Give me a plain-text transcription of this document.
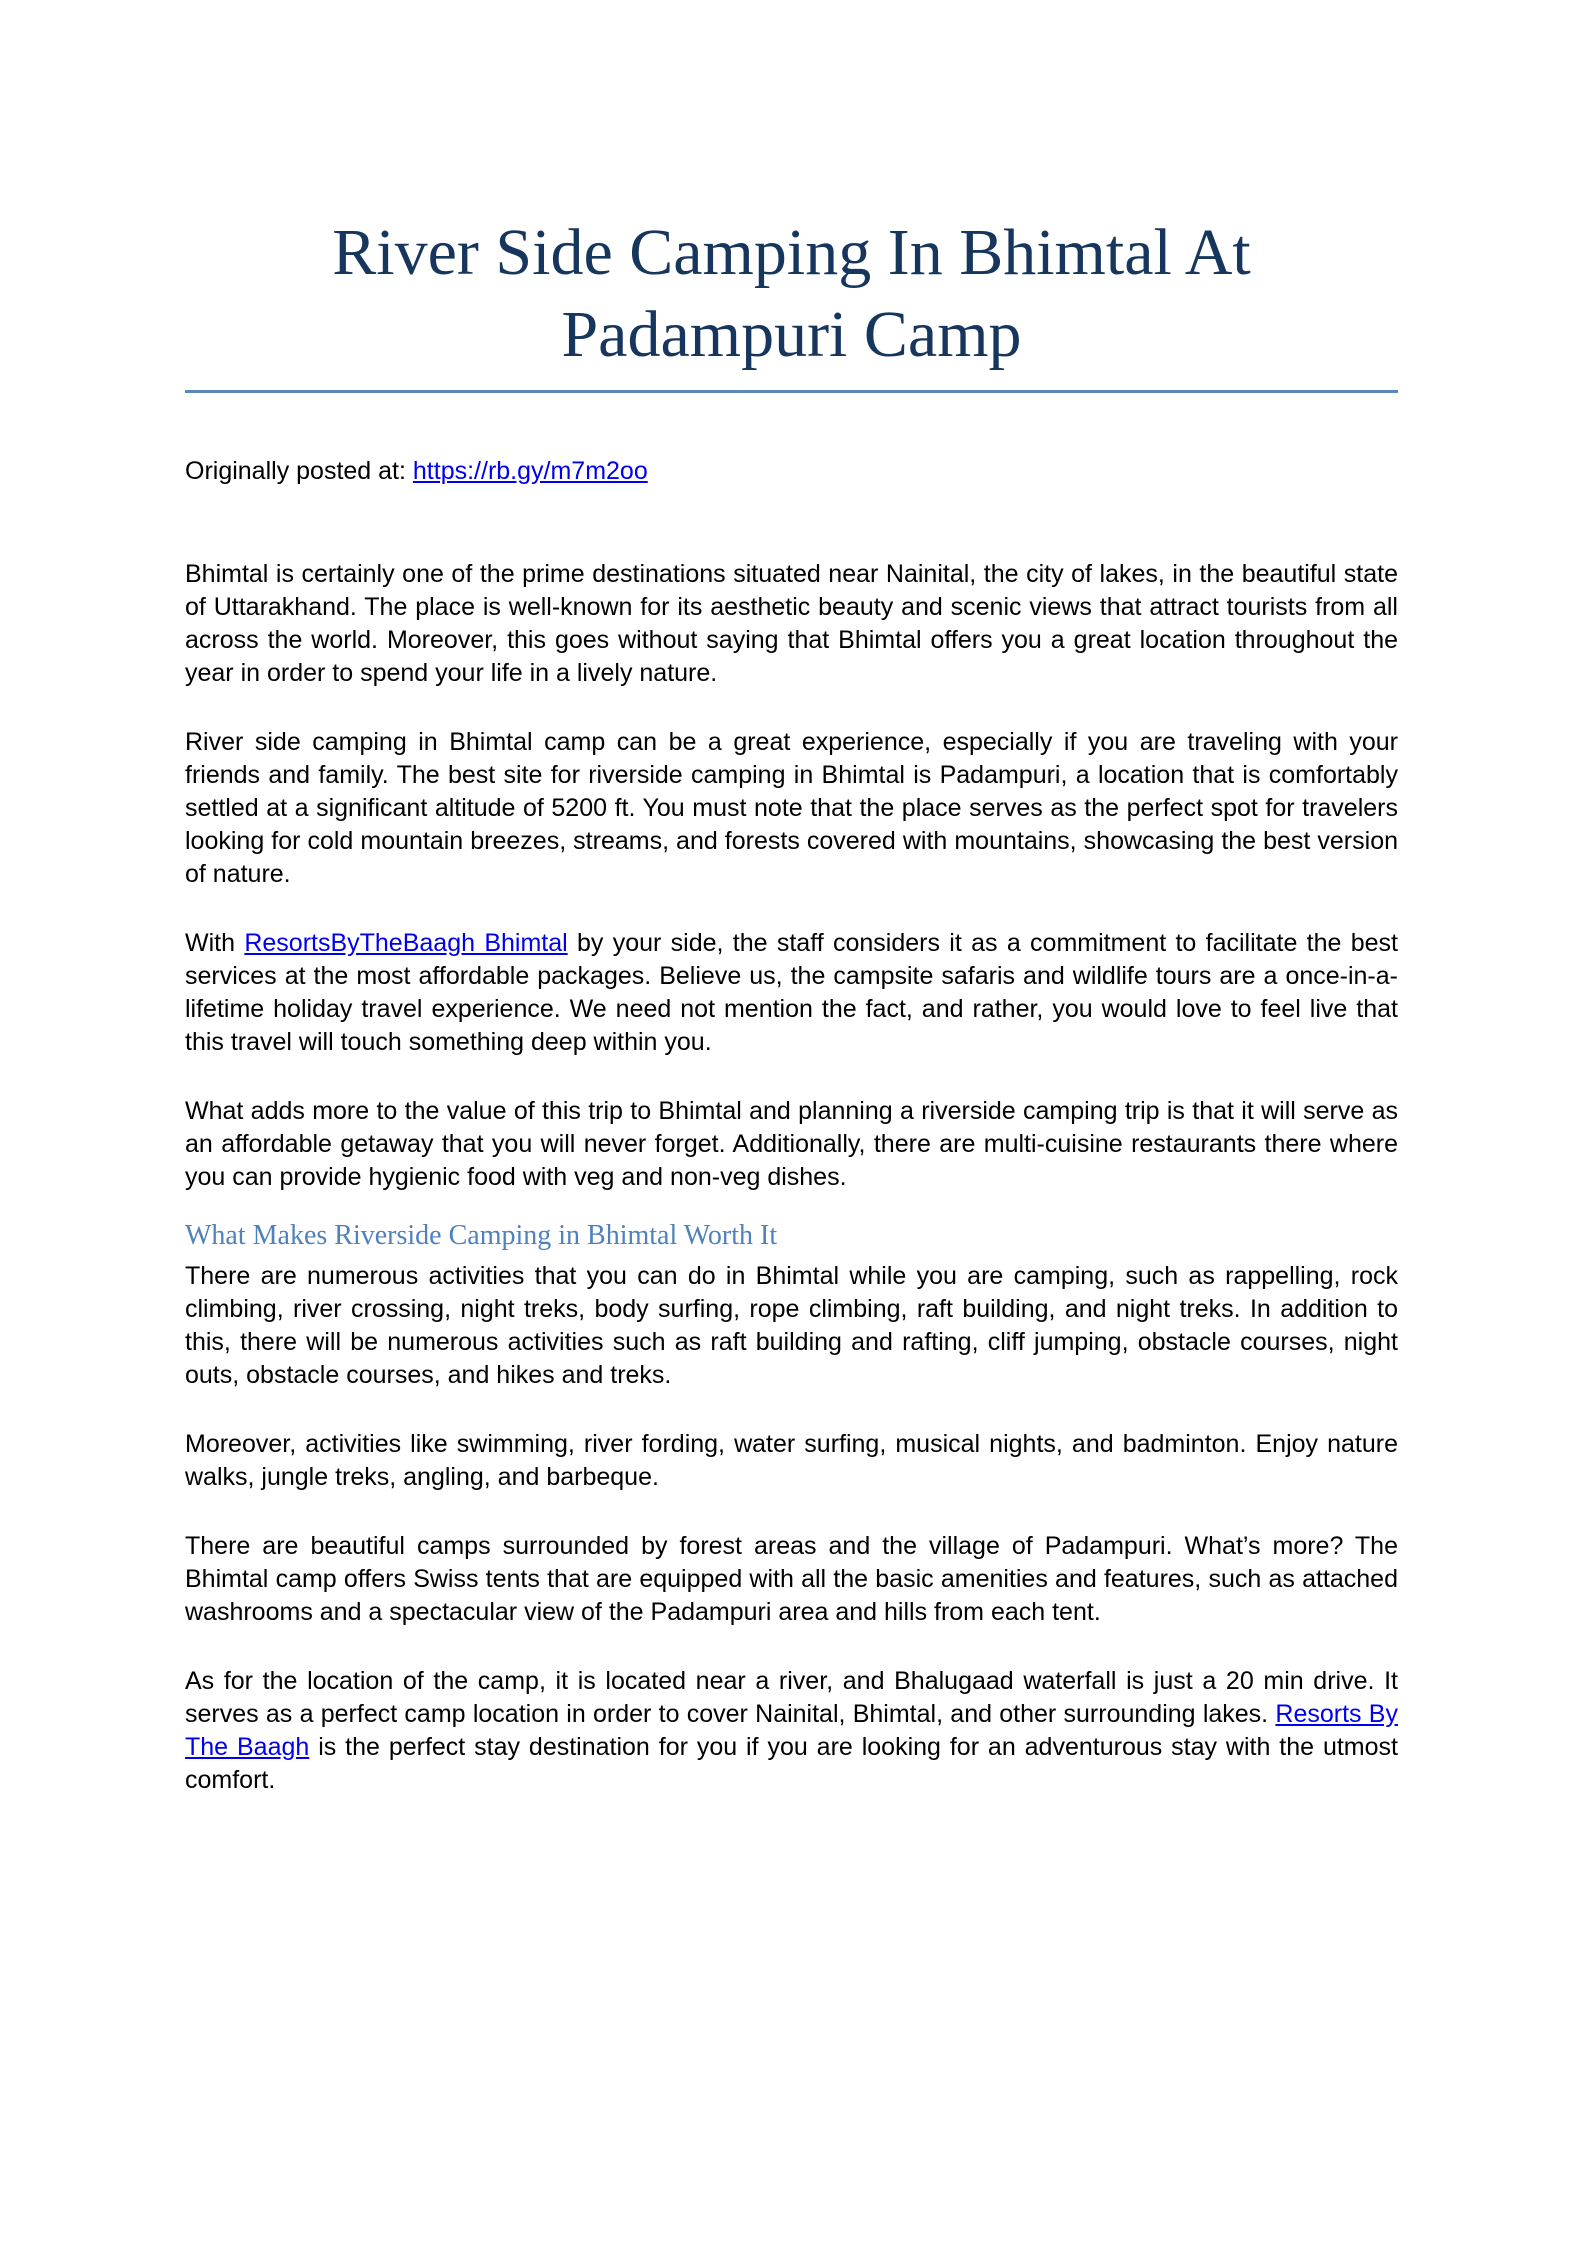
River Side Camping In Bhimtal At
Padampuri Camp

Originally posted at: https://rb.gy/m7m2oo

Bhimtal is certainly one of the prime destinations situated near Nainital, the city of lakes, in the beautiful state of Uttarakhand. The place is well-known for its aesthetic beauty and scenic views that attract tourists from all across the world. Moreover, this goes without saying that Bhimtal offers you a great location throughout the year in order to spend your life in a lively nature.

River side camping in Bhimtal camp can be a great experience, especially if you are traveling with your friends and family. The best site for riverside camping in Bhimtal is Padampuri, a location that is comfortably settled at a significant altitude of 5200 ft. You must note that the place serves as the perfect spot for travelers looking for cold mountain breezes, streams, and forests covered with mountains, showcasing the best version of nature.

With ResortsByTheBaagh Bhimtal by your side, the staff considers it as a commitment to facilitate the best services at the most affordable packages. Believe us, the campsite safaris and wildlife tours are a once-in-a-lifetime holiday travel experience. We need not mention the fact, and rather, you would love to feel live that this travel will touch something deep within you.

What adds more to the value of this trip to Bhimtal and planning a riverside camping trip is that it will serve as an affordable getaway that you will never forget. Additionally, there are multi-cuisine restaurants there where you can provide hygienic food with veg and non-veg dishes.

What Makes Riverside Camping in Bhimtal Worth It

There are numerous activities that you can do in Bhimtal while you are camping, such as rappelling, rock climbing, river crossing, night treks, body surfing, rope climbing, raft building, and night treks. In addition to this, there will be numerous activities such as raft building and rafting, cliff jumping, obstacle courses, night outs, obstacle courses, and hikes and treks.

Moreover, activities like swimming, river fording, water surfing, musical nights, and badminton. Enjoy nature walks, jungle treks, angling, and barbeque.

There are beautiful camps surrounded by forest areas and the village of Padampuri. What’s more? The Bhimtal camp offers Swiss tents that are equipped with all the basic amenities and features, such as attached washrooms and a spectacular view of the Padampuri area and hills from each tent.

As for the location of the camp, it is located near a river, and Bhalugaad waterfall is just a 20 min drive. It serves as a perfect camp location in order to cover Nainital, Bhimtal, and other surrounding lakes. Resorts By The Baagh is the perfect stay destination for you if you are looking for an adventurous stay with the utmost comfort.
